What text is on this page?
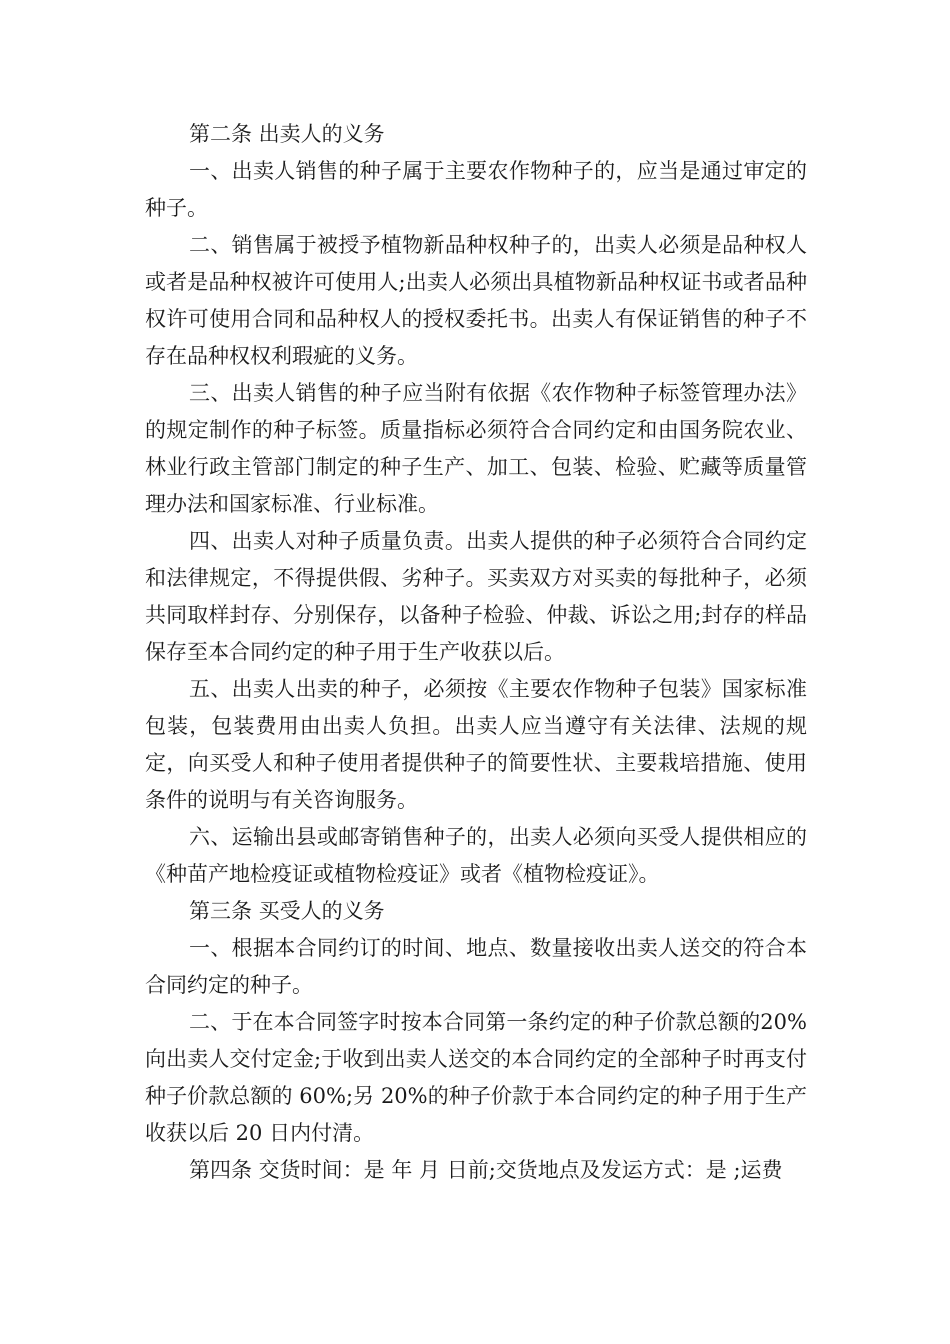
第二条 出卖人的义务

一、出卖人销售的种子属于主要农作物种子的，应当是通过审定的种子。

二、销售属于被授予植物新品种权种子的，出卖人必须是品种权人或者是品种权被许可使用人;出卖人必须出具植物新品种权证书或者品种权许可使用合同和品种权人的授权委托书。出卖人有保证销售的种子不存在品种权权利瑕疵的义务。

三、出卖人销售的种子应当附有依据《农作物种子标签管理办法》的规定制作的种子标签。质量指标必须符合合同约定和由国务院农业、林业行政主管部门制定的种子生产、加工、包装、检验、贮藏等质量管理办法和国家标准、行业标准。

四、出卖人对种子质量负责。出卖人提供的种子必须符合合同约定和法律规定，不得提供假、劣种子。买卖双方对买卖的每批种子，必须共同取样封存、分别保存，以备种子检验、仲裁、诉讼之用;封存的样品保存至本合同约定的种子用于生产收获以后。

五、出卖人出卖的种子，必须按《主要农作物种子包装》国家标准包装，包装费用由出卖人负担。出卖人应当遵守有关法律、法规的规定，向买受人和种子使用者提供种子的简要性状、主要栽培措施、使用条件的说明与有关咨询服务。

六、运输出县或邮寄销售种子的，出卖人必须向买受人提供相应的《种苗产地检疫证或植物检疫证》或者《植物检疫证》。

第三条 买受人的义务

一、根据本合同约订的时间、地点、数量接收出卖人送交的符合本合同约定的种子。

二、于在本合同签字时按本合同第一条约定的种子价款总额的20%向出卖人交付定金;于收到出卖人送交的本合同约定的全部种子时再支付种子价款总额的 60%;另 20%的种子价款于本合同约定的种子用于生产收获以后 20 日内付清。

第四条 交货时间：是 年 月 日前;交货地点及发运方式：是 ;运费
